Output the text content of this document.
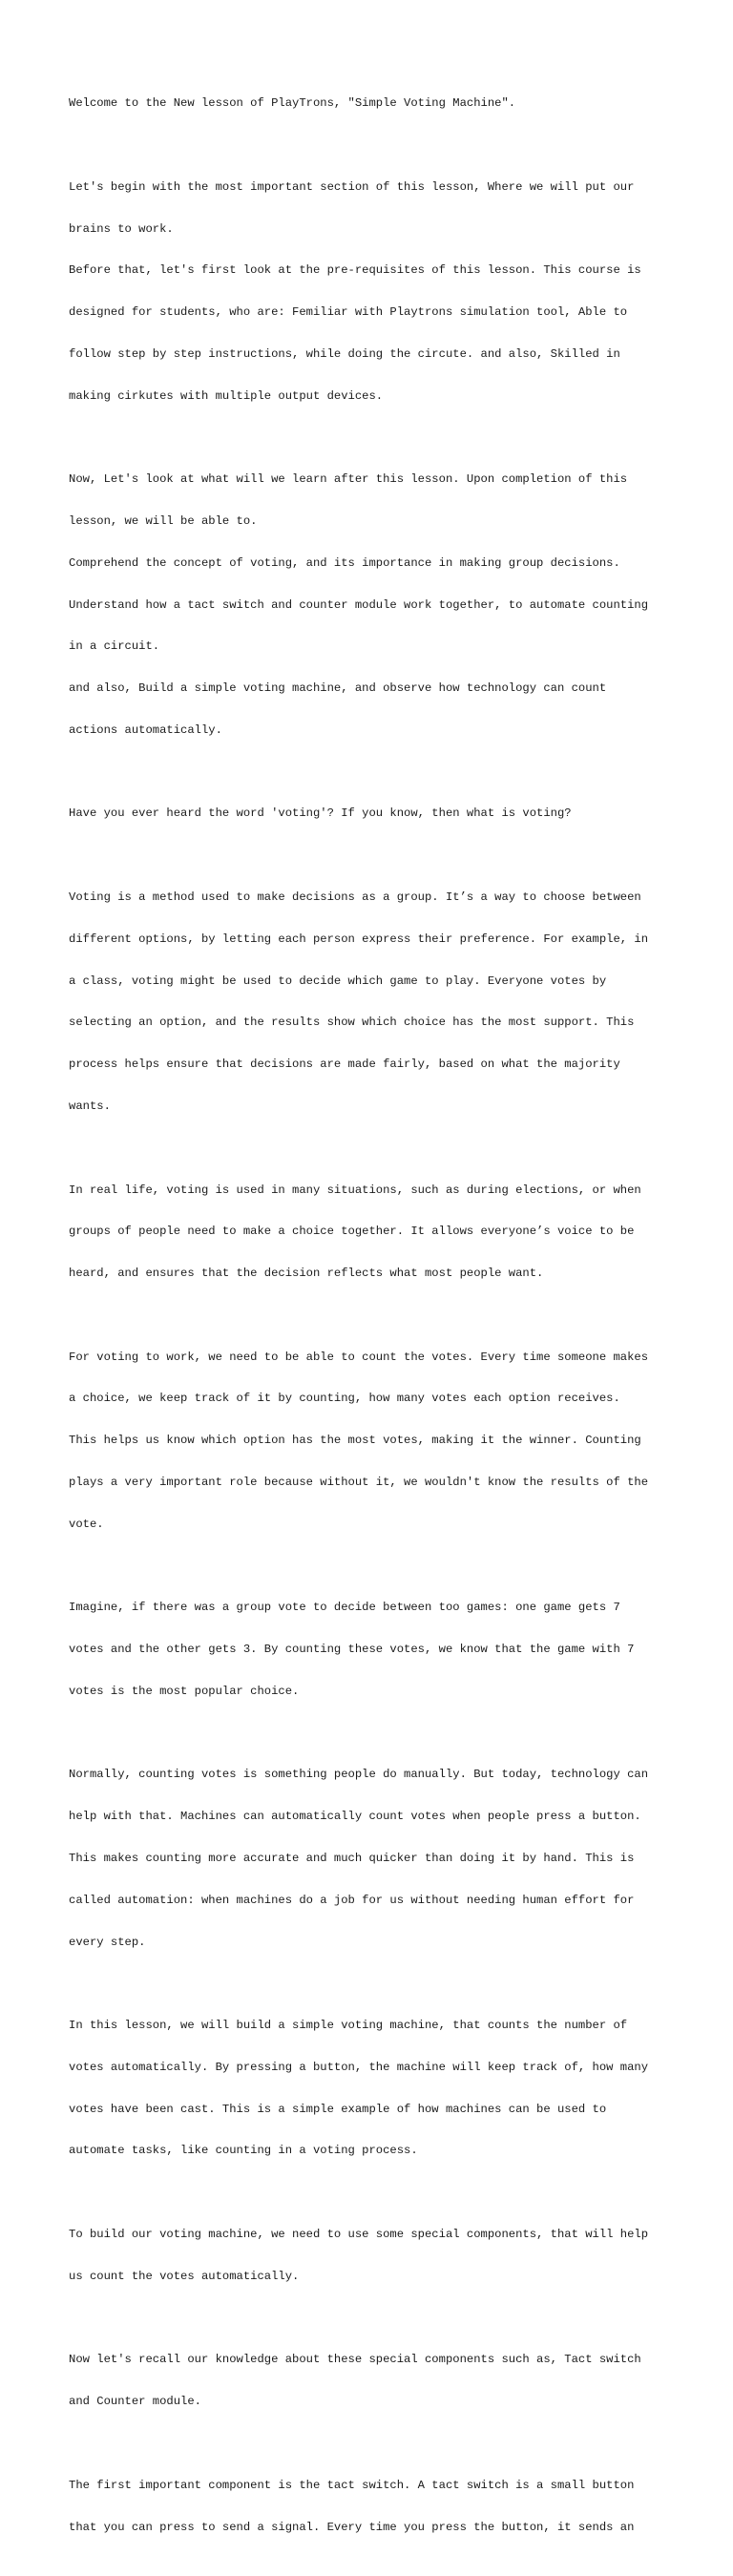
Welcome to the New lesson of PlayTrons, "Simple Voting Machine".

Let's begin with the most important section of this lesson, Where we will put our

brains to work.

Before that, let's first look at the pre-requisites of this lesson. This course is

designed for students, who are: Femiliar with Playtrons simulation tool, Able to

follow step by step instructions, while doing the circute. and also, Skilled in

making cirkutes with multiple output devices.

Now, Let's look at what will we learn after this lesson. Upon completion of this

lesson, we will be able to.

Comprehend the concept of voting, and its importance in making group decisions.

Understand how a tact switch and counter module work together, to automate counting

in a circuit.

and also, Build a simple voting machine, and observe how technology can count

actions automatically.

Have you ever heard the word 'voting'? If you know, then what is voting?

Voting is a method used to make decisions as a group. It’s a way to choose between

different options, by letting each person express their preference. For example, in

a class, voting might be used to decide which game to play. Everyone votes by

selecting an option, and the results show which choice has the most support. This

process helps ensure that decisions are made fairly, based on what the majority

wants.

In real life, voting is used in many situations, such as during elections, or when

groups of people need to make a choice together. It allows everyone’s voice to be

heard, and ensures that the decision reflects what most people want.

For voting to work, we need to be able to count the votes. Every time someone makes

a choice, we keep track of it by counting, how many votes each option receives.

This helps us know which option has the most votes, making it the winner. Counting

plays a very important role because without it, we wouldn't know the results of the

vote.

Imagine, if there was a group vote to decide between too games: one game gets 7

votes and the other gets 3. By counting these votes, we know that the game with 7

votes is the most popular choice.

Normally, counting votes is something people do manually. But today, technology can

help with that. Machines can automatically count votes when people press a button.

This makes counting more accurate and much quicker than doing it by hand. This is

called automation: when machines do a job for us without needing human effort for

every step.

In this lesson, we will build a simple voting machine, that counts the number of

votes automatically. By pressing a button, the machine will keep track of, how many

votes have been cast. This is a simple example of how machines can be used to

automate tasks, like counting in a voting process.

To build our voting machine, we need to use some special components, that will help

us count the votes automatically.

Now let's recall our knowledge about these special components such as, Tact switch

and Counter module.

The first important component is the tact switch. A tact switch is a small button

that you can press to send a signal. Every time you press the button, it sends an
